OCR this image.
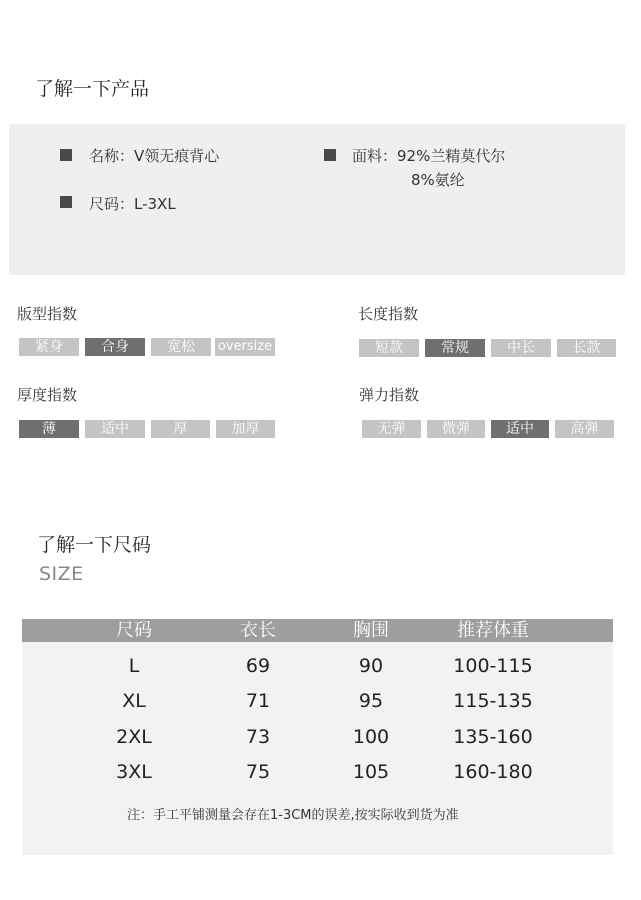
了解一下产品
名称：V领无痕背心	面料：92%兰精莫代尔
8%氨纶
尺码：L-3XL
版型指数
紧身	合身	宽松	oversize
长度指数
短款	常规	中长	长款
厚度指数
薄	适中	厚	加厚
弹力指数
无弹	微弹	适中	高弹
了解一下尺码
SIZE
尺码	衣长	胸围	推荐体重
L	69	90	100-115
XL	71	95	115-135
2XL	73	100	135-160
3XL	75	105	160-180
注：手工平铺测量会存在1-3CM的误差,按实际收到货为准
